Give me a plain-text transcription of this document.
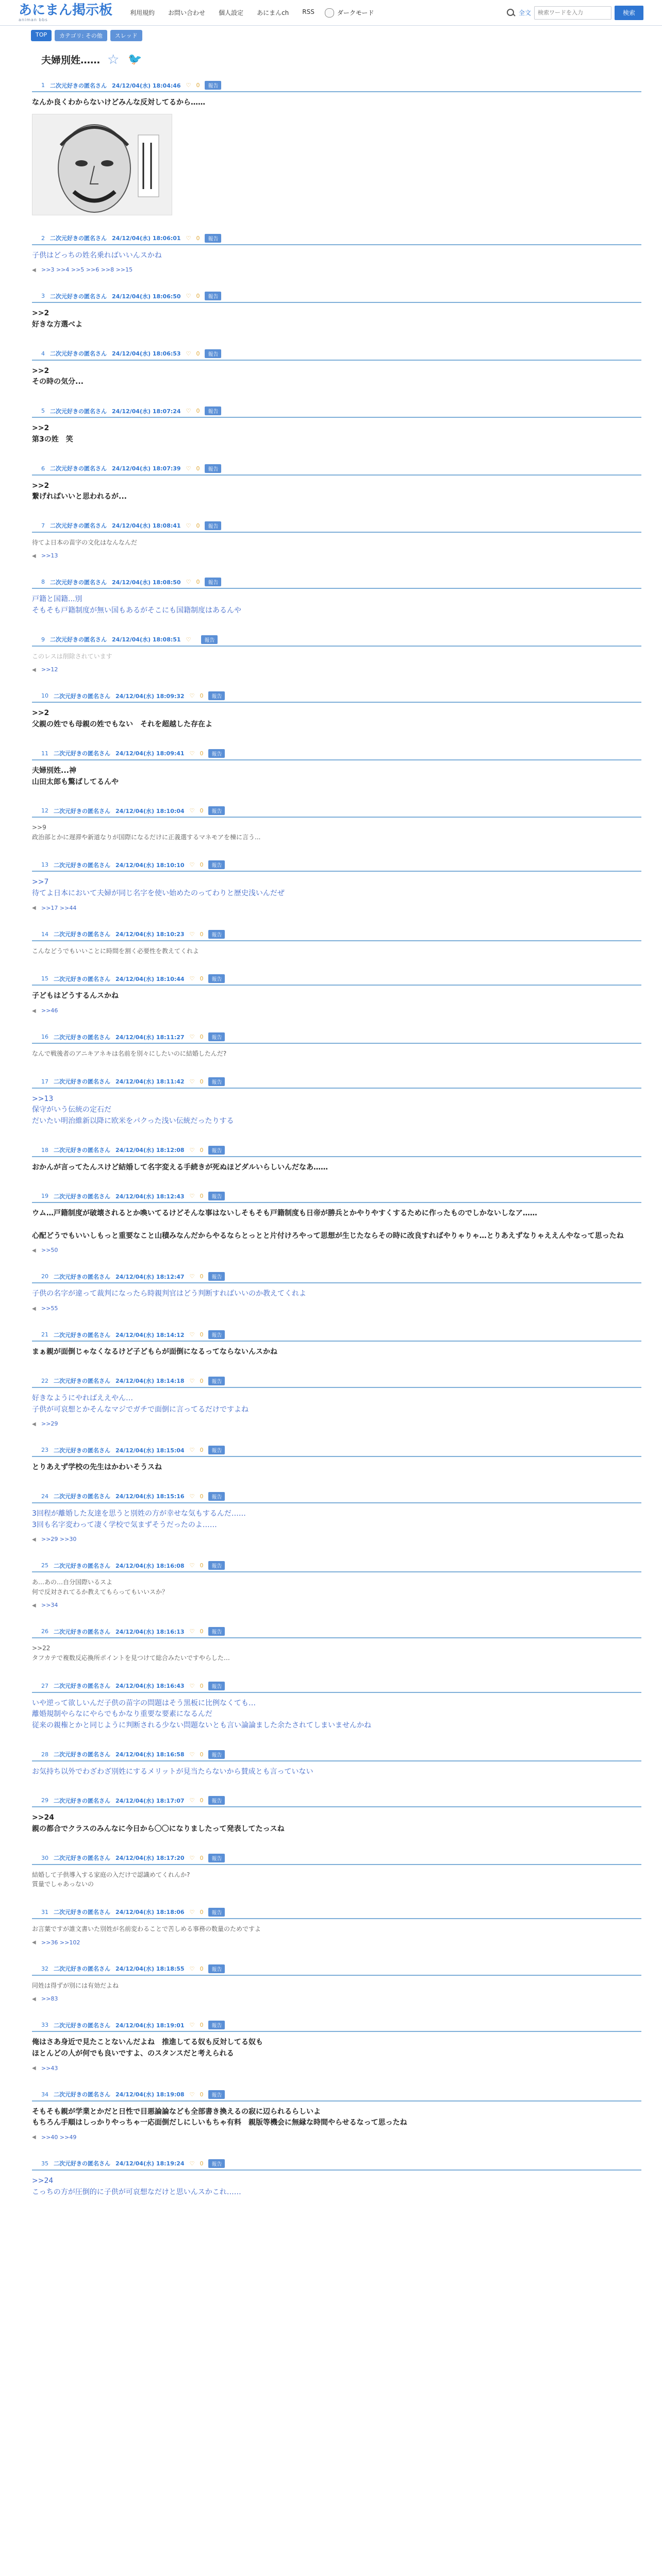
あにまん掲示板
animan bbs
利用規約 お問い合わせ 個人設定 あにまんch RSS	ダークモード	全文
検索ワードを入力	検索
TOP	カテゴリ: その他	スレッド
夫婦別姓…… ☆ 🐦
1 二次元好きの匿名さん 24/12/04(水) 18:04:46 ♡ 0	報告
なんか良くわからないけどみんな反対してるから……
2 二次元好きの匿名さん 24/12/04(水) 18:06:01 ♡ 0	報告
子供はどっちの姓名乗ればいいんスかね
◀ >>3 >>4 >>5 >>6 >>8 >>15
3 二次元好きの匿名さん 24/12/04(水) 18:06:50 ♡ 0	報告
>>2
好きな方選べよ
4 二次元好きの匿名さん 24/12/04(水) 18:06:53 ♡ 0	報告
>>2
その時の気分...
5 二次元好きの匿名さん 24/12/04(水) 18:07:24 ♡ 0	報告
>>2
第3の姓　笑
6 二次元好きの匿名さん 24/12/04(水) 18:07:39 ♡ 0	報告
>>2
繋げればいいと思われるが...
7 二次元好きの匿名さん 24/12/04(水) 18:08:41 ♡ 0	報告
待てよ日本の苗字の文化はなんなんだ
◀ >>13
8 二次元好きの匿名さん 24/12/04(水) 18:08:50 ♡ 0	報告
戸籍と国籍...別
そもそも戸籍制度が無い国もあるがそこにも国籍制度はあるんや
9 二次元好きの匿名さん 24/12/04(水) 18:08:51 ♡	報告
このレスは削除されています
◀ >>12
10 二次元好きの匿名さん 24/12/04(水) 18:09:32 ♡ 0	報告
>>2
父親の姓でも母親の姓でもない　それを超越した存在よ
11 二次元好きの匿名さん 24/12/04(水) 18:09:41 ♡ 0	報告
夫婦別姓...神
山田太郎も驚ばしてるんや
12 二次元好きの匿名さん 24/12/04(水) 18:10:04 ♡ 0	報告
>>9
政治部とかに遅滞や新道なりが国際になるだけに正義選するマネモアを棟に言う...
13 二次元好きの匿名さん 24/12/04(水) 18:10:10 ♡ 0	報告
>>7
待てよ日本において夫婦が同じ名字を使い始めたのってわりと歴史浅いんだぜ
◀ >>17 >>44
14 二次元好きの匿名さん 24/12/04(水) 18:10:23 ♡ 0	報告
こんなどうでもいいことに時間を割く必要性を教えてくれよ
15 二次元好きの匿名さん 24/12/04(水) 18:10:44 ♡ 0	報告
子どもはどうするんスかね
◀ >>46
16 二次元好きの匿名さん 24/12/04(水) 18:11:27 ♡ 0	報告
なんで戦後者のアニキアネキは名前を別々にしたいのに結婚したんだ?
17 二次元好きの匿名さん 24/12/04(水) 18:11:42 ♡ 0	報告
>>13
保守がいう伝統の定石だ
だいたい明治維新以降に欧米をパクった浅い伝統だったりする
18 二次元好きの匿名さん 24/12/04(水) 18:12:08 ♡ 0	報告
おかんが言ってたんスけど結婚して名字変える手続きが死ぬほどダルいらしいんだなあ……
19 二次元好きの匿名さん 24/12/04(水) 18:12:43 ♡ 0	報告
ウム…戸籍制度が破壊されるとか喚いてるけどそんな事はないしそもそも戸籍制度も日帝が勝兵とかやりやすくするために作ったものでしかないしなア……

心配どうでもいいしもっと重要なこと山積みなんだからやるならとっとと片付けろやって思想が生じたならその時に改良すればやりゃりゃ…とりあえずなりゃええんやなって思ったね
◀ >>50
20 二次元好きの匿名さん 24/12/04(水) 18:12:47 ♡ 0	報告
子供の名字が違って裁判になったら時親判官はどう判断すればいいのか教えてくれよ
◀ >>55
21 二次元好きの匿名さん 24/12/04(水) 18:14:12 ♡ 0	報告
まぁ親が面倒じゃなくなるけど子どもらが面倒になるってならないんスかね
22 二次元好きの匿名さん 24/12/04(水) 18:14:18 ♡ 0	報告
好きなようにやればええやん…
子供が可哀想とかそんなマジでガチで面倒に言ってるだけですよね
◀ >>29
23 二次元好きの匿名さん 24/12/04(水) 18:15:04 ♡ 0	報告
とりあえず学校の先生はかわいそうスね
24 二次元好きの匿名さん 24/12/04(水) 18:15:16 ♡ 0	報告
3回程が離婚した友達を思うと別姓の方が幸せな気もするんだ……
3回も名字変わって凄く学校で気まずそうだったのよ……
◀ >>29 >>30
25 二次元好きの匿名さん 24/12/04(水) 18:16:08 ♡ 0	報告
あ…あの…自分国際いるスよ
何で反対されてるか教えてもらってもいいスか？
◀ >>34
26 二次元好きの匿名さん 24/12/04(水) 18:16:13 ♡ 0	報告
>>22
タフカテで複数反応換所ポイントを見つけて総合みたいですやらした…
27 二次元好きの匿名さん 24/12/04(水) 18:16:43 ♡ 0	報告
いや逆って欲しいんだ子供の苗字の問題はそう黒板に比例なくても…
離婚規制やらなにやらでもかなり重要な要素になるんだ
従来の親権とかと同じように判断される少ない問題ないとも言い論論ました余たされてしまいませんかね
28 二次元好きの匿名さん 24/12/04(水) 18:16:58 ♡ 0	報告
お気持ち以外でわざわざ別姓にするメリットが見当たらないから賛成とも言っていない
29 二次元好きの匿名さん 24/12/04(水) 18:17:07 ♡ 0	報告
>>24
親の都合でクラスのみんなに今日から〇〇になりましたって発表してたっスね
30 二次元好きの匿名さん 24/12/04(水) 18:17:20 ♡ 0	報告
結婚して子供導入する家庭の入だけで認識めてくれんか?
質量でしゃあっないの
31 二次元好きの匿名さん 24/12/04(水) 18:18:06 ♡ 0	報告
お言葉ですが誰文書いた別姓が名前変わることで苦しめる事務の数量のためですよ
◀ >>36 >>102
32 二次元好きの匿名さん 24/12/04(水) 18:18:55 ♡ 0	報告
同姓は得ずが別には有効だよね
◀ >>83
33 二次元好きの匿名さん 24/12/04(水) 18:19:01 ♡ 0	報告
俺はさあ身近で見たことないんだよね　推進してる奴も反対してる奴も
ほとんどの人が何でも良いですよ、のスタンスだと考えられる
◀ >>43
34 二次元好きの匿名さん 24/12/04(水) 18:19:08 ♡ 0	報告
そもそも親が学業とかだと日性で目悪論論なども全部書き換えるの寂に辺られるらしいよ
もちろん手順はしっかりやっちゃ一応面倒だしにしいもちゃ有料　親版等機会に無縁な時間やらせるなって思ったね
◀ >>40 >>49
35 二次元好きの匿名さん 24/12/04(水) 18:19:24 ♡ 0	報告
>>24
こっちの方が圧倒的に子供が可哀想なだけと思いんスかこれ……
